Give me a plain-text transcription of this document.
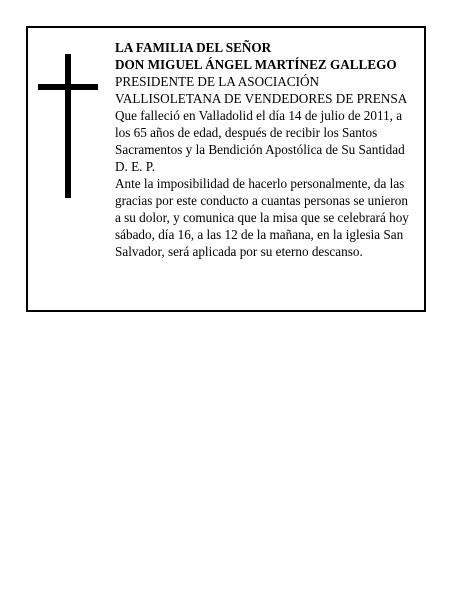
LA FAMILIA DEL SEÑOR
DON MIGUEL ÁNGEL MARTÍNEZ GALLEGO
PRESIDENTE DE LA ASOCIACIÓN
VALLISOLETANA DE VENDEDORES DE PRENSA
Que falleció en Valladolid el día 14 de julio de 2011, a
los 65 años de edad, después de recibir los Santos
Sacramentos y la Bendición Apostólica de Su Santidad
D. E. P.
Ante la imposibilidad de hacerlo personalmente, da las
gracias por este conducto a cuantas personas se unieron
a su dolor, y comunica que la misa que se celebrará hoy
sábado, día 16, a las 12 de la mañana, en la iglesia San
Salvador, será aplicada por su eterno descanso.
